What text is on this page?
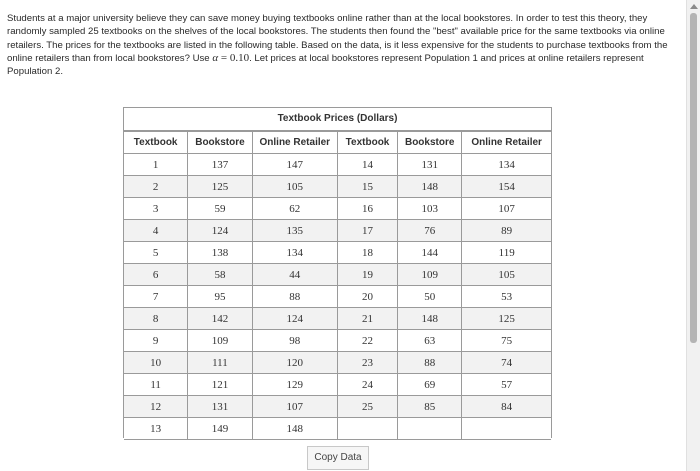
Students at a major university believe they can save money buying textbooks online rather than at the local bookstores. In order to test this theory, they randomly sampled 25 textbooks on the shelves of the local bookstores. The students then found the "best" available price for the same textbooks via online retailers. The prices for the textbooks are listed in the following table. Based on the data, is it less expensive for the students to purchase textbooks from the online retailers than from local bookstores? Use α = 0.10. Let prices at local bookstores represent Population 1 and prices at online retailers represent Population 2.
Textbook Prices (Dollars)
Textbook	Bookstore	Online Retailer	Textbook	Bookstore	Online Retailer
1	137	147	14	131	134
2	125	105	15	148	154
3	59	62	16	103	107
4	124	135	17	76	89
5	138	134	18	144	119
6	58	44	19	109	105
7	95	88	20	50	53
8	142	124	21	148	125
9	109	98	22	63	75
10	111	120	23	88	74
11	121	129	24	69	57
12	131	107	25	85	84
13	149	148			
Copy Data
